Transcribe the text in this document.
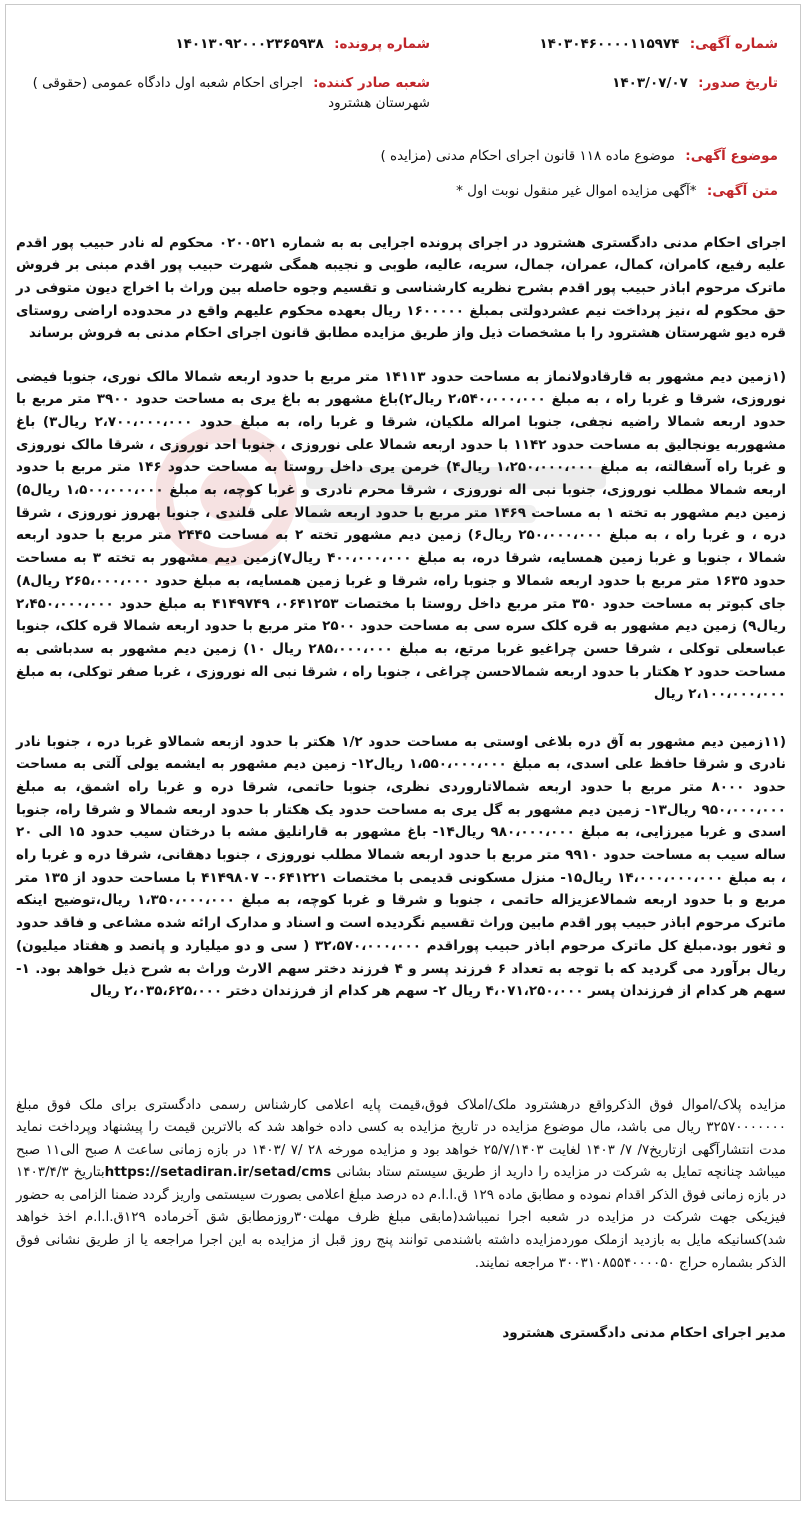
شماره آگهی: ۱۴۰۳۰۴۶۰۰۰۰۱۱۵۹۷۴
شماره پرونده: ۱۴۰۱۳۰۹۲۰۰۰۲۳۶۵۹۳۸
تاریخ صدور: ۱۴۰۳/۰۷/۰۷
شعبه صادر کننده: اجرای احکام شعبه اول دادگاه عمومی (حقوقی ) شهرستان هشترود
موضوع آگهی: موضوع ماده ۱۱۸ قانون اجرای احکام مدنی (مزایده )
متن آگهی: *آگهی مزایده اموال غیر منقول نوبت اول *

اجرای احکام مدنی دادگستری هشترود در اجرای پرونده اجرایی به به شماره ۰۲۰۰۵۲۱ محکوم له نادر حبیب پور اقدم علیه رفیع، کامران، کمال، عمران، جمال، سریه، عالیه، طوبی و نجیبه همگی شهرت حبیب پور اقدم مبنی بر فروش ماترک مرحوم اباذر حبیب پور اقدم بشرح نظریه کارشناسی و تقسیم وجوه حاصله بین وراث با اخراج دیون متوفی در حق محکوم له ،نیز پرداخت نیم عشردولتی بمبلغ ۱۶۰۰۰۰۰ ریال بعهده محکوم علیهم واقع در محدوده اراضی روستای قره دیو شهرستان هشترود را با مشخصات ذیل واز طریق مزایده مطابق قانون اجرای احکام مدنی به فروش برساند

(۱زمین دیم مشهور به قارقادولانماز به مساحت حدود ۱۴۱۱۳ متر مربع با حدود اربعه شمالا مالک نوری، جنوبا فیضی نوروزی، شرقا و غربا راه ، به مبلغ ۲،۵۴۰،۰۰۰،۰۰۰ ریال۲)باغ مشهور به باغ یری به مساحت حدود ۳۹۰۰ متر مربع با حدود اربعه شمالا راضیه نجفی، جنوبا امراله ملکیان، شرقا و غربا راه، به مبلغ حدود ۲،۷۰۰،۰۰۰،۰۰۰ ریال۳) باغ مشهوربه یونجالیق به مساحت حدود ۱۱۴۲ با حدود اربعه شمالا علی نوروزی ، جنوبا احد نوروزی ، شرقا مالک نوروزی و غربا راه آسفالته، به مبلغ ۱،۲۵۰،۰۰۰،۰۰۰ ریال۴) خرمن یری داخل روستا به مساحت حدود ۱۴۶ متر مربع با حدود اربعه شمالا مطلب نوروزی، جنوبا نبی اله نوروزی ، شرقا محرم نادری و غربا کوچه، به مبلغ ۱،۵۰۰،۰۰۰،۰۰۰ ریال۵) زمین دیم مشهور به تخته ۱ به مساحت ۱۴۶۹ متر مربع با حدود اربعه شمالا علی قلندی ، جنوبا بهروز نوروزی ، شرقا دره ، و غربا راه ، به مبلغ ۲۵۰،۰۰۰،۰۰۰ ریال۶) زمین دیم مشهور تخته ۲ به مساحت ۲۴۴۵ متر مربع با حدود اربعه شمالا ، جنوبا و غربا زمین همسایه، شرقا دره، به مبلغ ۴۰۰،۰۰۰،۰۰۰ ریال۷)زمین دیم مشهور به تخته ۳ به مساحت حدود ۱۶۳۵ متر مربع با حدود اربعه شمالا و جنوبا راه، شرقا و غربا زمین همسایه، به مبلغ حدود ۲۶۵،۰۰۰،۰۰۰ ریال۸) جای کبوتر به مساحت حدود ۳۵۰ متر مربع داخل روستا با مختصات ۰۶۴۱۲۵۳، ۴۱۴۹۷۴۹ به مبلغ حدود ۲،۴۵۰،۰۰۰،۰۰۰ ریال۹) زمین دیم مشهور به قره کلک سره سی به مساحت حدود ۲۵۰۰ متر مربع با حدود اربعه شمالا قره کلک، جنوبا عباسعلی توکلی ، شرقا حسن چراغیو غربا مرتع، به مبلغ ۲۸۵،۰۰۰،۰۰۰ ریال ۱۰) زمین دیم مشهور به سدباشی به مساحت حدود ۲ هکتار با حدود اربعه شمالاحسن چراغی ، جنوبا راه ، شرقا نبی اله نوروزی ، غربا صفر توکلی، به مبلغ ۲،۱۰۰،۰۰۰،۰۰۰ ریال

(۱۱زمین دیم مشهور به آق دره بلاغی اوستی به مساحت حدود ۱/۲ هکتر با حدود ازبعه شمالاو غربا دره ، جنوبا نادر نادری و شرقا حافظ علی اسدی، به مبلغ ۱،۵۵۰،۰۰۰،۰۰۰ ریال۱۲- زمین دیم مشهور به ایشمه یولی آلتی به مساحت حدود ۸۰۰۰ متر مربع با حدود اربعه شمالاتاروردی نظری، جنوبا حاتمی، شرقا دره و غربا راه اشمق، به مبلغ ۹۵۰،۰۰۰،۰۰۰ ریال۱۳- زمین دیم مشهور به گل یری به مساحت حدود یک هکتار با حدود اربعه شمالا و شرقا راه، جنوبا اسدی و غربا میرزایی، به مبلغ ۹۸۰،۰۰۰،۰۰۰ ریال۱۴- باغ مشهور به قارانلیق مشه با درختان سیب حدود ۱۵ الی ۲۰ ساله سیب به مساحت حدود ۹۹۱۰ متر مربع با حدود اربعه شمالا مطلب نوروزی ، جنوبا دهقانی، شرقا دره و غربا راه ، به مبلغ ۱۴،۰۰۰،۰۰۰،۰۰۰ ریال۱۵- منزل مسکونی قدیمی با مختصات ۰۶۴۱۲۲۱- ۴۱۴۹۸۰۷ با مساحت حدود از ۱۳۵ متر مربع و با حدود اربعه شمالاعزیزاله حاتمی ، جنوبا و شرقا و غربا کوچه، به مبلغ ۱،۳۵۰،۰۰۰،۰۰۰ ریال،توضیح اینکه ماترک مرحوم اباذر حبیب پور اقدم مابین وراث تقسیم نگردیده است و اسناد و مدارک ارائه شده مشاعی و فاقد حدود و ثغور بود.مبلغ کل ماترک مرحوم اباذر حبیب پوراقدم ۳۲،۵۷۰،۰۰۰،۰۰۰ ( سی و دو میلیارد و پانصد و هفتاد میلیون) ریال برآورد می گردید که با توجه به تعداد ۶ فرزند پسر و ۴ فرزند دختر سهم الارث وراث به شرح ذیل خواهد بود. ۱- سهم هر کدام از فرزندان پسر ۴،۰۷۱،۲۵۰،۰۰۰ ریال ۲- سهم هر کدام از فرزندان دختر ۲،۰۳۵،۶۲۵،۰۰۰ ریال

مزایده پلاک/اموال فوق الذکرواقع درهشترود ملک/املاک فوق،قیمت پایه اعلامی کارشناس رسمی دادگستری برای ملک فوق مبلغ ۳۲۵۷۰۰۰۰۰۰۰ ریال می باشد، مال موضوع مزایده در تاریخ مزایده به کسی داده خواهد شد که بالاترین قیمت را پیشنهاد وپرداخت نماید مدت انتشارآگهی ازتاریخ۷/ ۷/ ۱۴۰۳ لغایت ۲۵/۷/۱۴۰۳ خواهد بود و مزایده مورخه ۲۸ /۷ /۱۴۰۳ در بازه زمانی ساعت ۸ صبح الی۱۱ صبح میباشد چنانچه تمایل به شرکت در مزایده را دارید از طریق سیستم ستاد بشانی https://setadiran.ir/setad/cmsبتاریخ ۱۴۰۳/۴/۳ در بازه زمانی فوق الذکر اقدام نموده و مطابق ماده ۱۲۹ ق.ا.ا.م ده درصد مبلغ اعلامی بصورت سیستمی واریز گردد ضمنا الزامی به حضور فیزیکی جهت شرکت در مزایده در شعبه اجرا نمیباشد(مابقی مبلغ ظرف مهلت۳۰روزمطابق شق آخرماده ۱۲۹ق.ا.ا.م اخذ خواهد شد)کسانیکه مایل به بازدید ازملک موردمزایده داشته باشندمی توانند پنج روز قبل از مزایده به این اجرا مراجعه یا از طریق نشانی فوق الذکر بشماره حراج ۳۰۰۳۱۰۸۵۵۴۰۰۰۰۵۰ مراجعه نمایند.

مدیر اجرای احکام مدنی دادگستری هشترود
